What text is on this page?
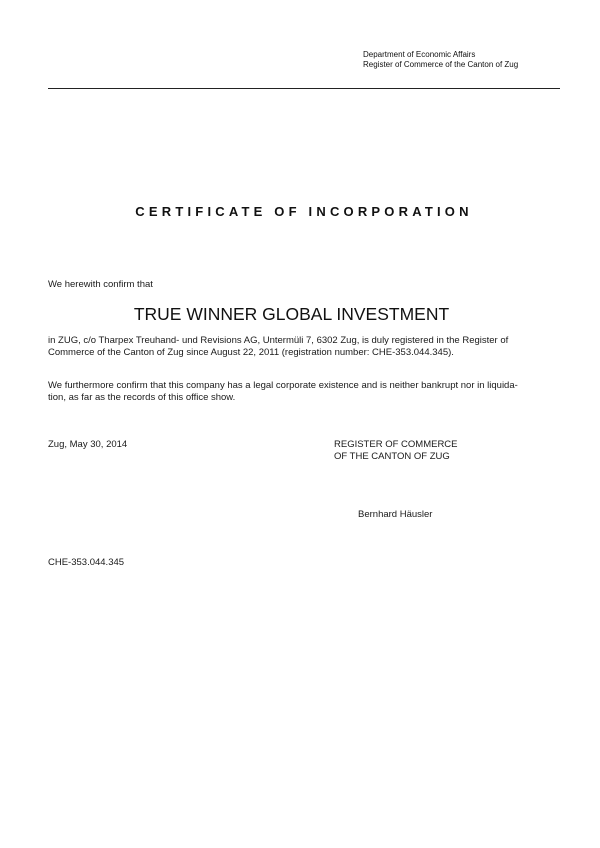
Department of Economic Affairs
Register of Commerce of the Canton of Zug
CERTIFICATE OF INCORPORATION
We herewith confirm that
TRUE WINNER GLOBAL INVESTMENT
in ZUG, c/o Tharpex Treuhand- und Revisions AG, Untermüli 7, 6302 Zug, is duly registered in the Register of
Commerce of the Canton of Zug since August 22, 2011 (registration number: CHE-353.044.345).
We furthermore confirm that this company has a legal corporate existence and is neither bankrupt nor in liquida-
tion, as far as the records of this office show.
Zug, May 30, 2014	REGISTER OF COMMERCE
OF THE CANTON OF ZUG
Bernhard Häusler
CHE-353.044.345
